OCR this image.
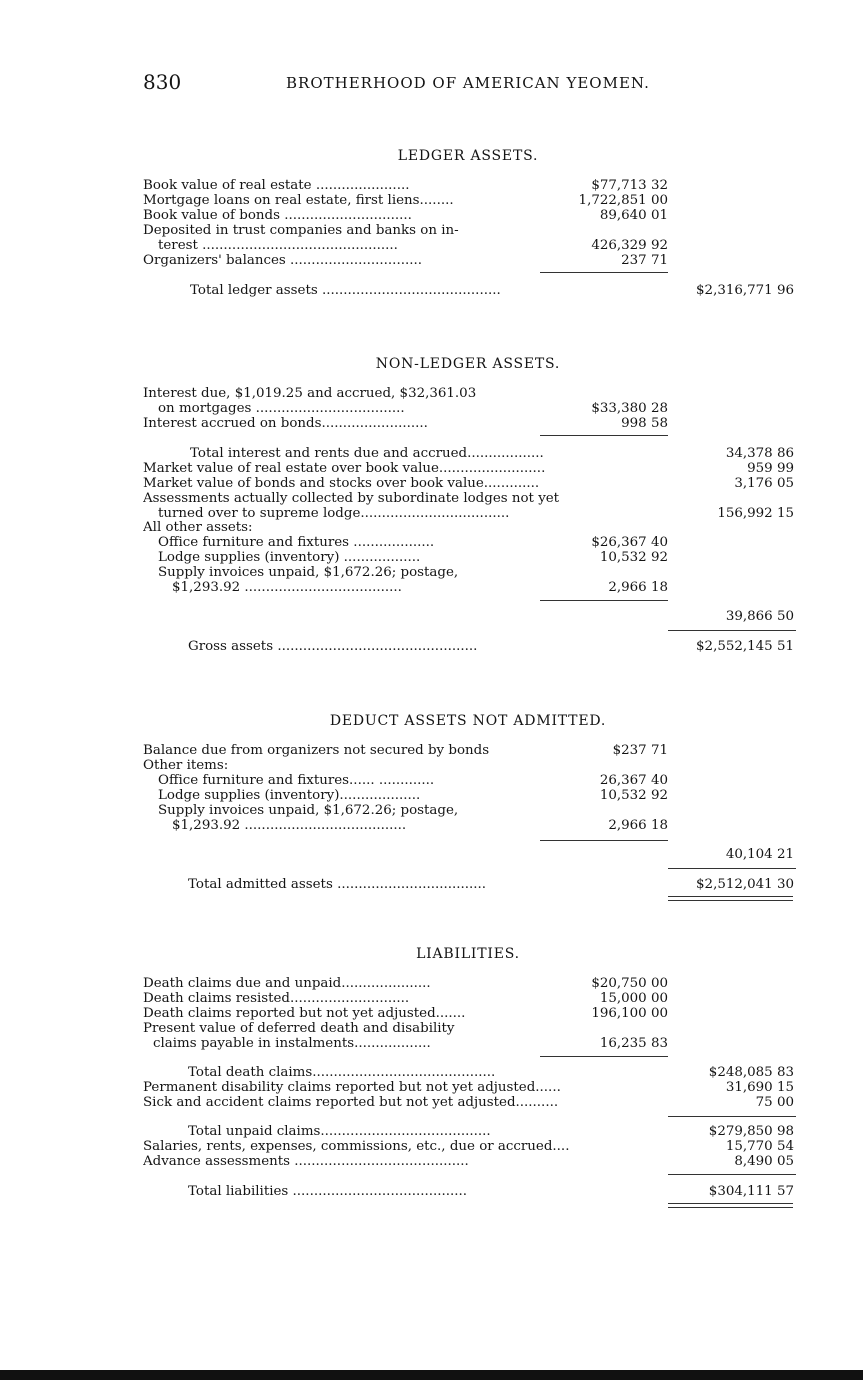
830	BROTHERHOOD OF AMERICAN YEOMEN.
LEDGER ASSETS.
Book value of real estate ......................	$77,713 32
Mortgage loans on real estate, first liens........	1,722,851 00
Book value of bonds ..............................	89,640 01
Deposited in trust companies and banks on in-
terest ..............................................	426,329 92
Organizers' balances ...............................	237 71
Total ledger assets ..........................................	$2,316,771 96
NON-LEDGER ASSETS.
Interest due, $1,019.25 and accrued, $32,361.03
on mortgages ...................................	$33,380 28
Interest accrued on bonds.........................	998 58
Total interest and rents due and accrued..................	34,378 86
Market value of real estate over book value.........................	959 99
Market value of bonds and stocks over book value.............	3,176 05
Assessments actually collected by subordinate lodges not yet
turned over to supreme lodge...................................	156,992 15
All other assets:
Office furniture and fixtures ...................	$26,367 40
Lodge supplies (inventory) ..................	10,532 92
Supply invoices unpaid, $1,672.26; postage,
$1,293.92 .....................................	2,966 18
39,866 50
Gross assets ...............................................	$2,552,145 51
DEDUCT ASSETS NOT ADMITTED.
Balance due from organizers not secured by bonds	$237 71
Other items:
Office furniture and fixtures...... .............	26,367 40
Lodge supplies (inventory)...................	10,532 92
Supply invoices unpaid, $1,672.26; postage,
$1,293.92 ......................................	2,966 18
40,104 21
Total admitted assets ...................................	$2,512,041 30
LIABILITIES.
Death claims due and unpaid.....................	$20,750 00
Death claims resisted............................	15,000 00
Death claims reported but not yet adjusted.......	196,100 00
Present value of deferred death and disability
claims payable in instalments..................	16,235 83
Total death claims...........................................	$248,085 83
Permanent disability claims reported but not yet adjusted......	31,690 15
Sick and accident claims reported but not yet adjusted..........	75 00
Total unpaid claims........................................	$279,850 98
Salaries, rents, expenses, commissions, etc., due or accrued....	15,770 54
Advance assessments .........................................	8,490 05
Total liabilities .........................................	$304,111 57
